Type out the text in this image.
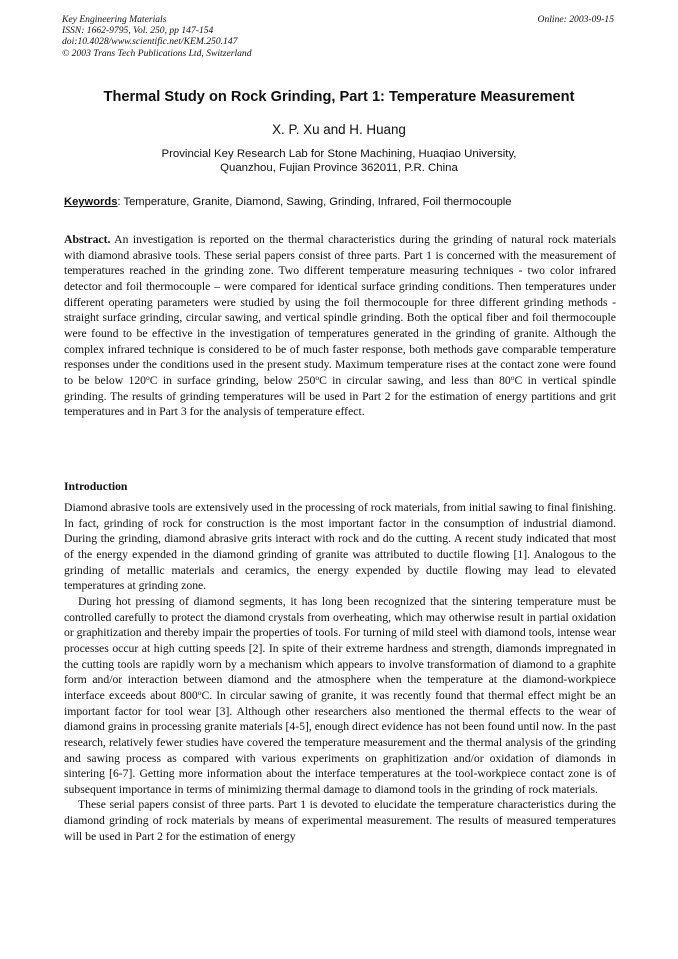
Key Engineering Materials
ISSN: 1662-9795, Vol. 250, pp 147-154
doi:10.4028/www.scientific.net/KEM.250.147
© 2003 Trans Tech Publications Ltd, Switzerland
Online: 2003-09-15
Thermal Study on Rock Grinding, Part 1: Temperature Measurement
X. P. Xu and H. Huang
Provincial Key Research Lab for Stone Machining, Huaqiao University,
Quanzhou, Fujian Province 362011, P.R. China
Keywords: Temperature, Granite, Diamond, Sawing, Grinding, Infrared, Foil thermocouple
Abstract. An investigation is reported on the thermal characteristics during the grinding of natural rock materials with diamond abrasive tools. These serial papers consist of three parts. Part 1 is concerned with the measurement of temperatures reached in the grinding zone. Two different temperature measuring techniques - two color infrared detector and foil thermocouple – were compared for identical surface grinding conditions. Then temperatures under different operating parameters were studied by using the foil thermocouple for three different grinding methods - straight surface grinding, circular sawing, and vertical spindle grinding. Both the optical fiber and foil thermocouple were found to be effective in the investigation of temperatures generated in the grinding of granite. Although the complex infrared technique is considered to be of much faster response, both methods gave comparable temperature responses under the conditions used in the present study. Maximum temperature rises at the contact zone were found to be below 120$^o$C in surface grinding, below 250$^o$C in circular sawing, and less than 80$^o$C in vertical spindle grinding. The results of grinding temperatures will be used in Part 2 for the estimation of energy partitions and grit temperatures and in Part 3 for the analysis of temperature effect.
Introduction

Diamond abrasive tools are extensively used in the processing of rock materials, from initial sawing to final finishing. In fact, grinding of rock for construction is the most important factor in the consumption of industrial diamond. During the grinding, diamond abrasive grits interact with rock and do the cutting. A recent study indicated that most of the energy expended in the diamond grinding of granite was attributed to ductile flowing [1]. Analogous to the grinding of metallic materials and ceramics, the energy expended by ductile flowing may lead to elevated temperatures at grinding zone.

During hot pressing of diamond segments, it has long been recognized that the sintering temperature must be controlled carefully to protect the diamond crystals from overheating, which may otherwise result in partial oxidation or graphitization and thereby impair the properties of tools. For turning of mild steel with diamond tools, intense wear processes occur at high cutting speeds [2]. In spite of their extreme hardness and strength, diamonds impregnated in the cutting tools are rapidly worn by a mechanism which appears to involve transformation of diamond to a graphite form and/or interaction between diamond and the atmosphere when the temperature at the diamond-workpiece interface exceeds about 800$^o$C. In circular sawing of granite, it was recently found that thermal effect might be an important factor for tool wear [3]. Although other researchers also mentioned the thermal effects to the wear of diamond grains in processing granite materials [4-5], enough direct evidence has not been found until now. In the past research, relatively fewer studies have covered the temperature measurement and the thermal analysis of the grinding and sawing process as compared with various experiments on graphitization and/or oxidation of diamonds in sintering [6-7]. Getting more information about the interface temperatures at the tool-workpiece contact zone is of subsequent importance in terms of minimizing thermal damage to diamond tools in the grinding of rock materials.

These serial papers consist of three parts. Part 1 is devoted to elucidate the temperature characteristics during the diamond grinding of rock materials by means of experimental measurement. The results of measured temperatures will be used in Part 2 for the estimation of energy
